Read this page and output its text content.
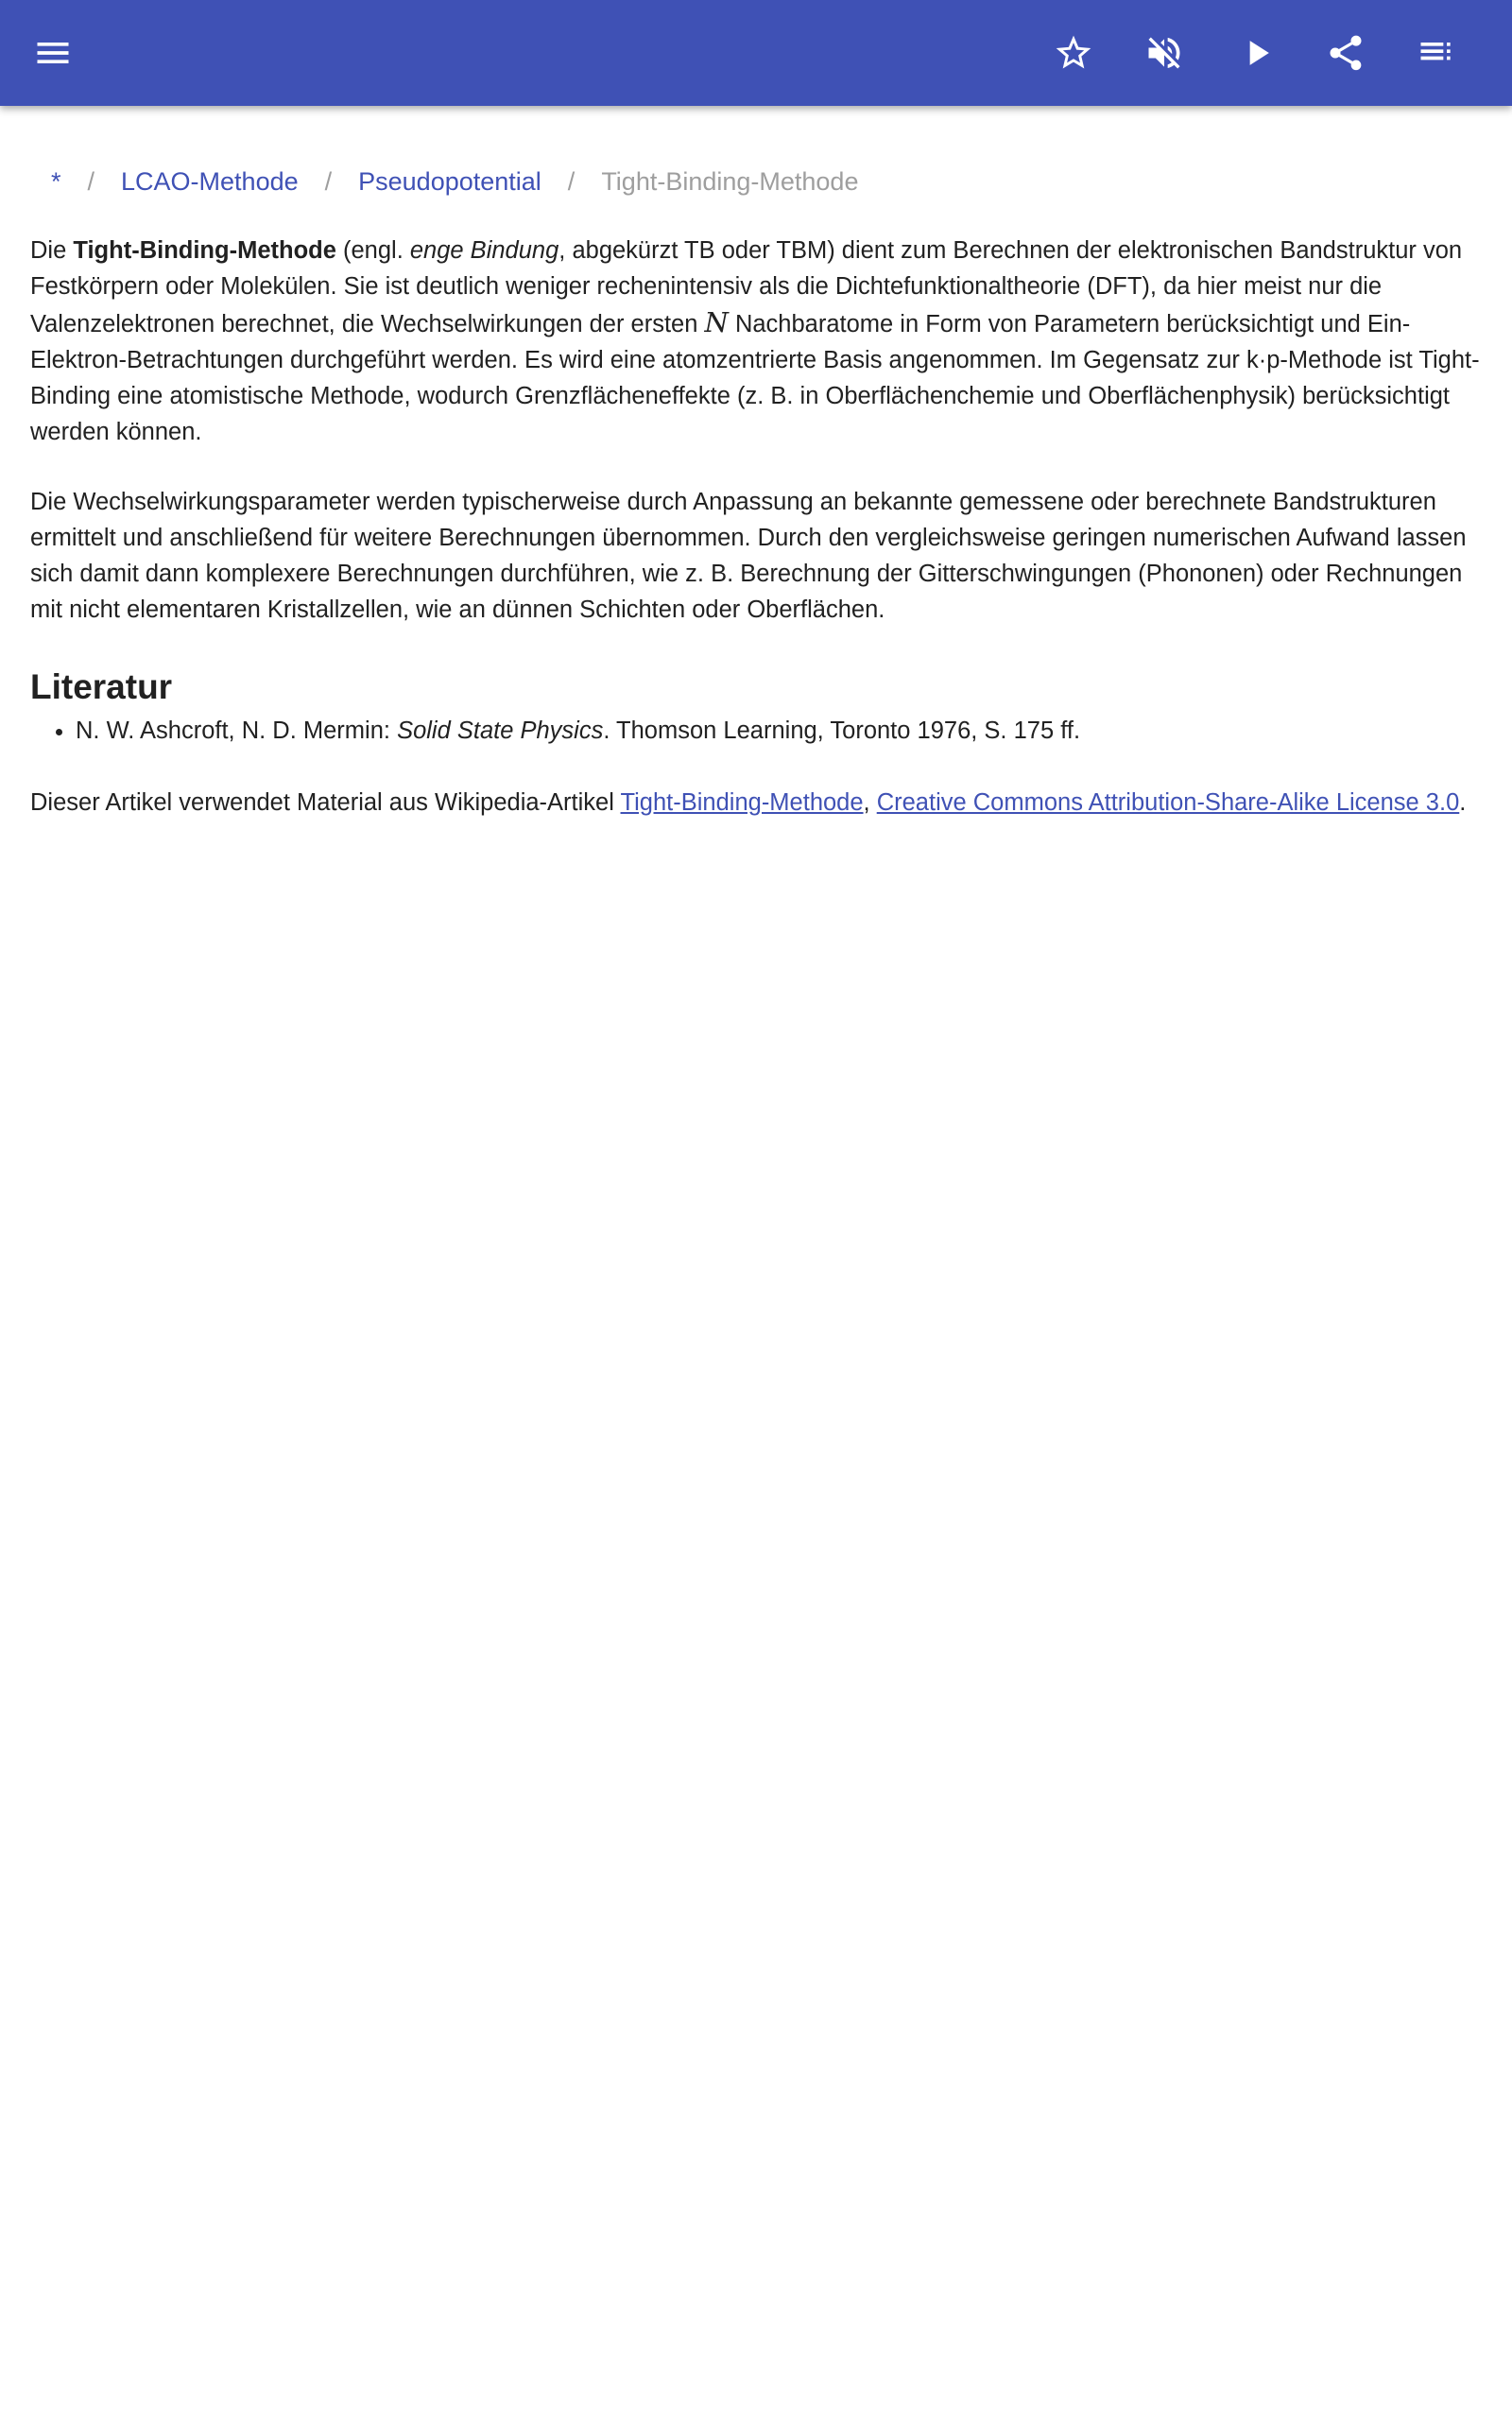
* / LCAO-Methode / Pseudopotential / Tight-Binding-Methode

Die Tight-Binding-Methode (engl. enge Bindung, abgekürzt TB oder TBM) dient zum Berechnen der elektronischen Bandstruktur von Festkörpern oder Molekülen. Sie ist deutlich weniger rechenintensiv als die Dichtefunktionaltheorie (DFT), da hier meist nur die Valenzelektronen berechnet, die Wechselwirkungen der ersten N Nachbaratome in Form von Parametern berücksichtigt und Ein-Elektron-Betrachtungen durchgeführt werden. Es wird eine atomzentrierte Basis angenommen. Im Gegensatz zur k·p-Methode ist Tight-Binding eine atomistische Methode, wodurch Grenzflächeneffekte (z. B. in Oberflächenchemie und Oberflächenphysik) berücksichtigt werden können.

Die Wechselwirkungsparameter werden typischerweise durch Anpassung an bekannte gemessene oder berechnete Bandstrukturen ermittelt und anschließend für weitere Berechnungen übernommen. Durch den vergleichsweise geringen numerischen Aufwand lassen sich damit dann komplexere Berechnungen durchführen, wie z. B. Berechnung der Gitterschwingungen (Phononen) oder Rechnungen mit nicht elementaren Kristallzellen, wie an dünnen Schichten oder Oberflächen.

Literatur
• N. W. Ashcroft, N. D. Mermin: Solid State Physics. Thomson Learning, Toronto 1976, S. 175 ff.

Dieser Artikel verwendet Material aus Wikipedia-Artikel Tight-Binding-Methode, Creative Commons Attribution-Share-Alike License 3.0.
